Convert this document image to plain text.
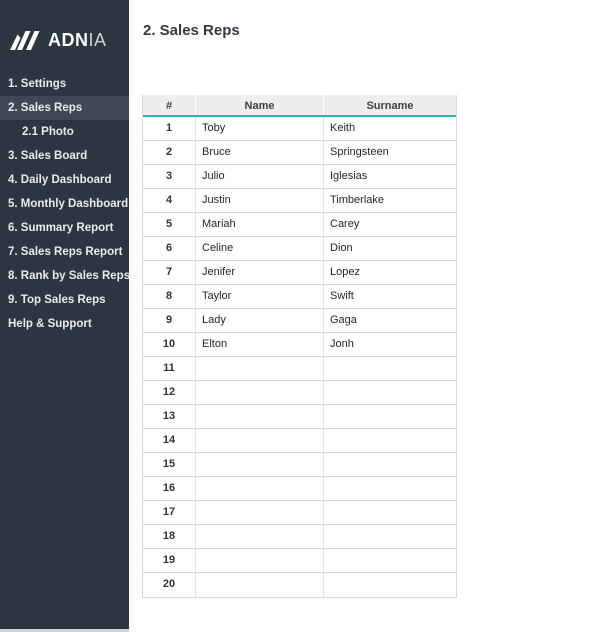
ADNIA
1. Settings
2. Sales Reps
2.1 Photo
3. Sales Board
4. Daily Dashboard
5. Monthly Dashboard
6. Summary Report
7. Sales Reps Report
8. Rank by Sales Reps
9. Top Sales Reps
Help & Support
2. Sales Reps
#	Name	Surname
1	Toby	Keith
2	Bruce	Springsteen
3	Julio	Iglesias
4	Justin	Timberlake
5	Mariah	Carey
6	Celine	Dion
7	Jenifer	Lopez
8	Taylor	Swift
9	Lady	Gaga
10	Elton	Jonh
11
12
13
14
15
16
17
18
19
20
